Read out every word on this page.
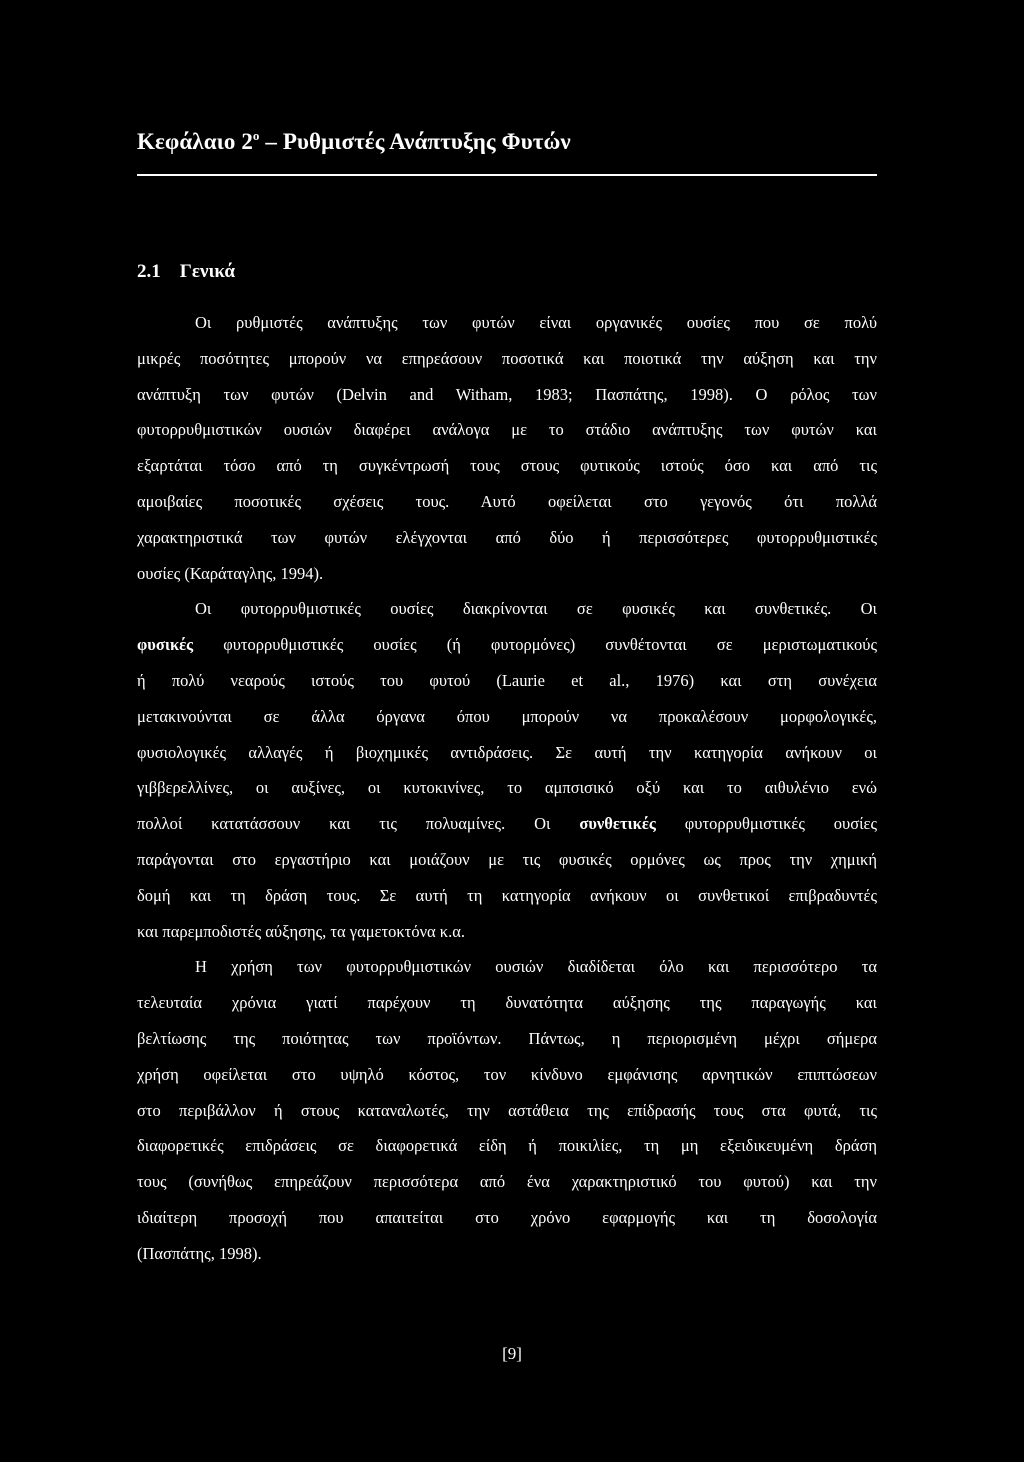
Κεφάλαιο $2^o$ – Ρυθμιστές Ανάπτυξης Φυτών
2.1    Γενικά
Οι ρυθμιστές ανάπτυξης των φυτών είναι οργανικές ουσίες που σε πολύ
μικρές ποσότητες μπορούν να επηρεάσουν ποσοτικά και ποιοτικά την αύξηση και την
ανάπτυξη των φυτών (Delvin and Witham, 1983; Πασπάτης, 1998). Ο ρόλος των
φυτορρυθμιστικών ουσιών διαφέρει ανάλογα με το στάδιο ανάπτυξης των φυτών και
εξαρτάται τόσο από τη συγκέντρωσή τους στους φυτικούς ιστούς όσο και από τις
αμοιβαίες ποσοτικές σχέσεις τους. Αυτό οφείλεται στο γεγονός ότι πολλά
χαρακτηριστικά των φυτών ελέγχονται από δύο ή περισσότερες φυτορρυθμιστικές
ουσίες (Καράταγλης, 1994).
Οι φυτορρυθμιστικές ουσίες διακρίνονται σε φυσικές και συνθετικές. Οι
φυσικές φυτορρυθμιστικές ουσίες (ή φυτορμόνες) συνθέτονται σε μεριστωματικούς
ή πολύ νεαρούς ιστούς του φυτού (Laurie et al., 1976) και στη συνέχεια
μετακινούνται σε άλλα όργανα όπου μπορούν να προκαλέσουν μορφολογικές,
φυσιολογικές αλλαγές ή βιοχημικές αντιδράσεις. Σε αυτή την κατηγορία ανήκουν οι
γιββερελλίνες, οι αυξίνες, οι κυτοκινίνες, το αμπσισικό οξύ και το αιθυλένιο ενώ
πολλοί κατατάσσουν και τις πολυαμίνες. Οι συνθετικές φυτορρυθμιστικές ουσίες
παράγονται στο εργαστήριο και μοιάζουν με τις φυσικές ορμόνες ως προς την χημική
δομή και τη δράση τους. Σε αυτή τη κατηγορία ανήκουν οι συνθετικοί επιβραδυντές
και παρεμποδιστές αύξησης, τα γαμετοκτόνα κ.α.
Η χρήση των φυτορρυθμιστικών ουσιών διαδίδεται όλο και περισσότερο τα
τελευταία χρόνια γιατί παρέχουν τη δυνατότητα αύξησης της παραγωγής και
βελτίωσης της ποιότητας των προϊόντων. Πάντως, η περιορισμένη μέχρι σήμερα
χρήση οφείλεται στο υψηλό κόστος, τον κίνδυνο εμφάνισης αρνητικών επιπτώσεων
στο περιβάλλον ή στους καταναλωτές, την αστάθεια της επίδρασής τους στα φυτά, τις
διαφορετικές επιδράσεις σε διαφορετικά είδη ή ποικιλίες, τη μη εξειδικευμένη δράση
τους (συνήθως επηρεάζουν περισσότερα από ένα χαρακτηριστικό του φυτού) και την
ιδιαίτερη προσοχή που απαιτείται στο χρόνο εφαρμογής και τη δοσολογία
(Πασπάτης, 1998).
[9]
